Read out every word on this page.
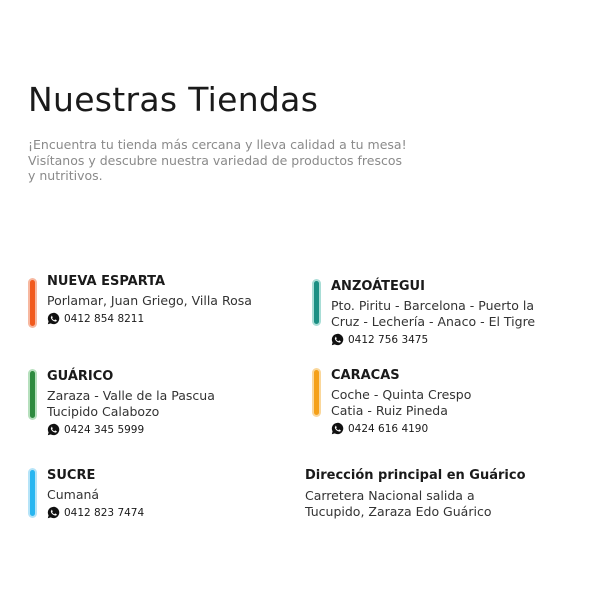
Nuestras Tiendas
¡Encuentra tu tienda más cercana y lleva calidad a tu mesa!
Visítanos y descubre nuestra variedad de productos frescos
y nutritivos.
NUEVA ESPARTA
Porlamar, Juan Griego, Villa Rosa
0412 854 8211
ANZOÁTEGUI
Pto. Piritu - Barcelona - Puerto la
Cruz - Lechería - Anaco - El Tigre
0412 756 3475
GUÁRICO
Zaraza - Valle de la Pascua
Tucipido Calabozo
0424 345 5999
CARACAS
Coche - Quinta Crespo
Catia - Ruiz Pineda
0424 616 4190
SUCRE
Cumaná
0412 823 7474
Dirección principal en Guárico
Carretera Nacional salida a
Tucupido, Zaraza Edo Guárico
